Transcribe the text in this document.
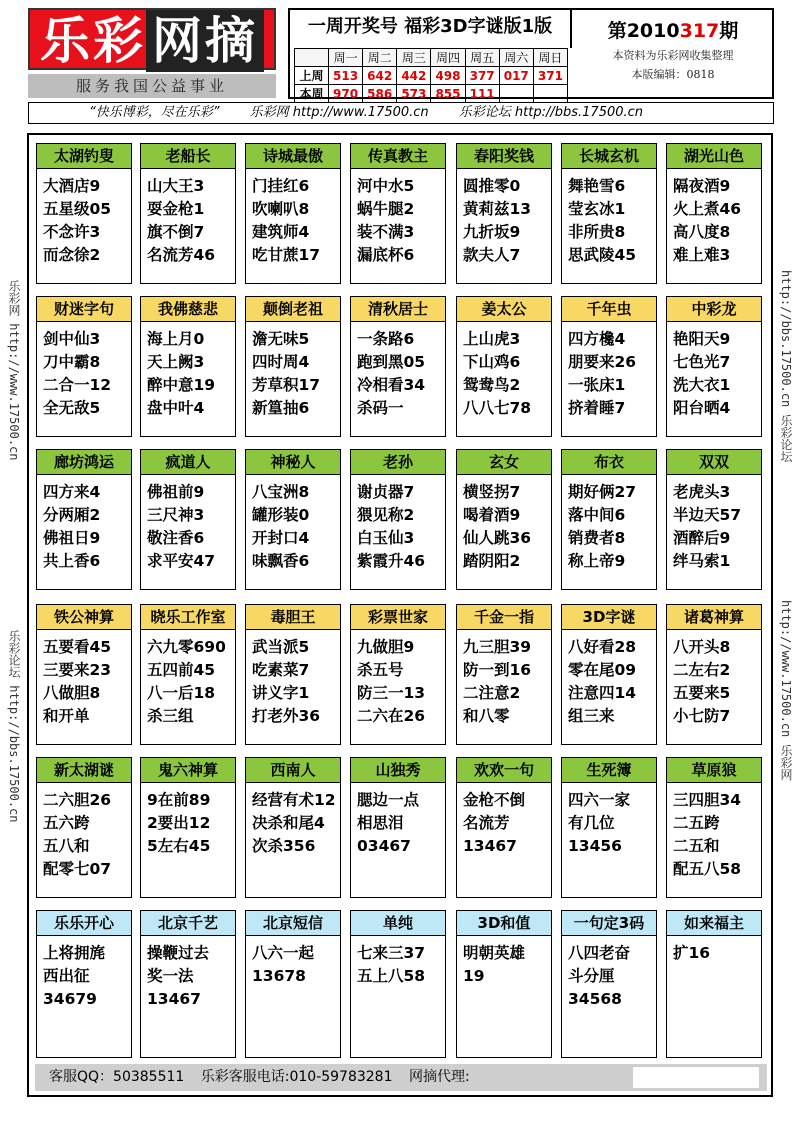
乐彩 网摘
服务我国公益事业
一周开奖号 福彩3D字谜版1版
	周一	周二	周三	周四	周五	周六	周日
上周	513	642	442	498	377	017	371
本周	970	586	573	855	111		
第2010317期
本资料为乐彩网收集整理
本版编辑：0818
“快乐博彩，尽在乐彩” 乐彩网 http://www.17500.cn 乐彩论坛 http://bbs.17500.cn
乐彩网 http://www.17500.cn
乐彩论坛 http://bbs.17500.cn
http://bbs.17500.cn 乐彩论坛
http://www.17500.cn 乐彩网
太湖钓叟
大酒店9
五星级05
不念许3
而念徐2
老船长
山大王3
耍金枪1
旗不倒7
名流芳46
诗城最傲
门挂红6
吹喇叭8
建筑师4
吃甘蔗17
传真教主
河中水5
蜗牛腿2
装不满3
漏底杯6
春阳奖钱
圆推零0
黄莉兹13
九折坂9
款夫人7
长城玄机
舞艳雪6
莹玄冰1
非所贵8
思武陵45
湖光山色
隔夜酒9
火上煮46
高八度8
难上难3
财迷字句
剑中仙3
刀中霸8
二合一12
全无敌5
我佛慈悲
海上月0
天上阙3
醉中意19
盘中叶4
颠倒老祖
澹无味5
四时周4
芳草积17
新篁抽6
清秋居士
一条路6
跑到黑05
冷相看34
杀码一
姜太公
上山虎3
下山鸡6
鸳鸯鸟2
八八七78
千年虫
四方欃4
朋要来26
一张床1
挤着睡7
中彩龙
艳阳天9
七色光7
洗大衣1
阳台晒4
廊坊鸿运
四方来4
分两厢2
佛祖日9
共上香6
疯道人
佛祖前9
三尺神3
敬注香6
求平安47
神秘人
八宝洲8
罐形装0
开封口4
味飘香6
老孙
谢贞器7
猥见称2
白玉仙3
紫霞升46
玄女
横竖拐7
喝着酒9
仙人跳36
踏阴阳2
布衣
期好俩27
落中间6
销费者8
称上帝9
双双
老虎头3
半边天57
酒醉后9
绊马索1
铁公神算
五要看45
三要来23
八做胆8
和开单
晓乐工作室
六九零690
五四前45
八一后18
杀三组
毒胆王
武当派5
吃素菜7
讲义字1
打老外36
彩票世家
九做胆9
杀五号
防三一13
二六在26
千金一指
九三胆39
防一到16
二注意2
和八零
3D字谜
八好看28
零在尾09
注意四14
组三来
诸葛神算
八开头8
二左右2
五要来5
小七防7
新太湖谜
二六胆26
五六跨
五八和
配零七07
鬼六神算
9在前89
2要出12
5左右45
西南人
经营有术12
决杀和尾4
次杀356
山独秀
腮边一点
相思泪
03467
欢欢一句
金枪不倒
名流芳
13467
生死簿
四六一家
有几位
13456
草原狼
三四胆34
二五跨
二五和
配五八58
乐乐开心
上将拥旄
西出征
34679
北京千艺
操鞭过去
奖一法
13467
北京短信
八六一起
13678
单纯
七来三37
五上八58
3D和值
明朝英雄
19
一句定3码
八四老奋
斗分厘
34568
如来福主
扩16
客服QQ：50385511 乐彩客服电话:010-59783281 网摘代理:
